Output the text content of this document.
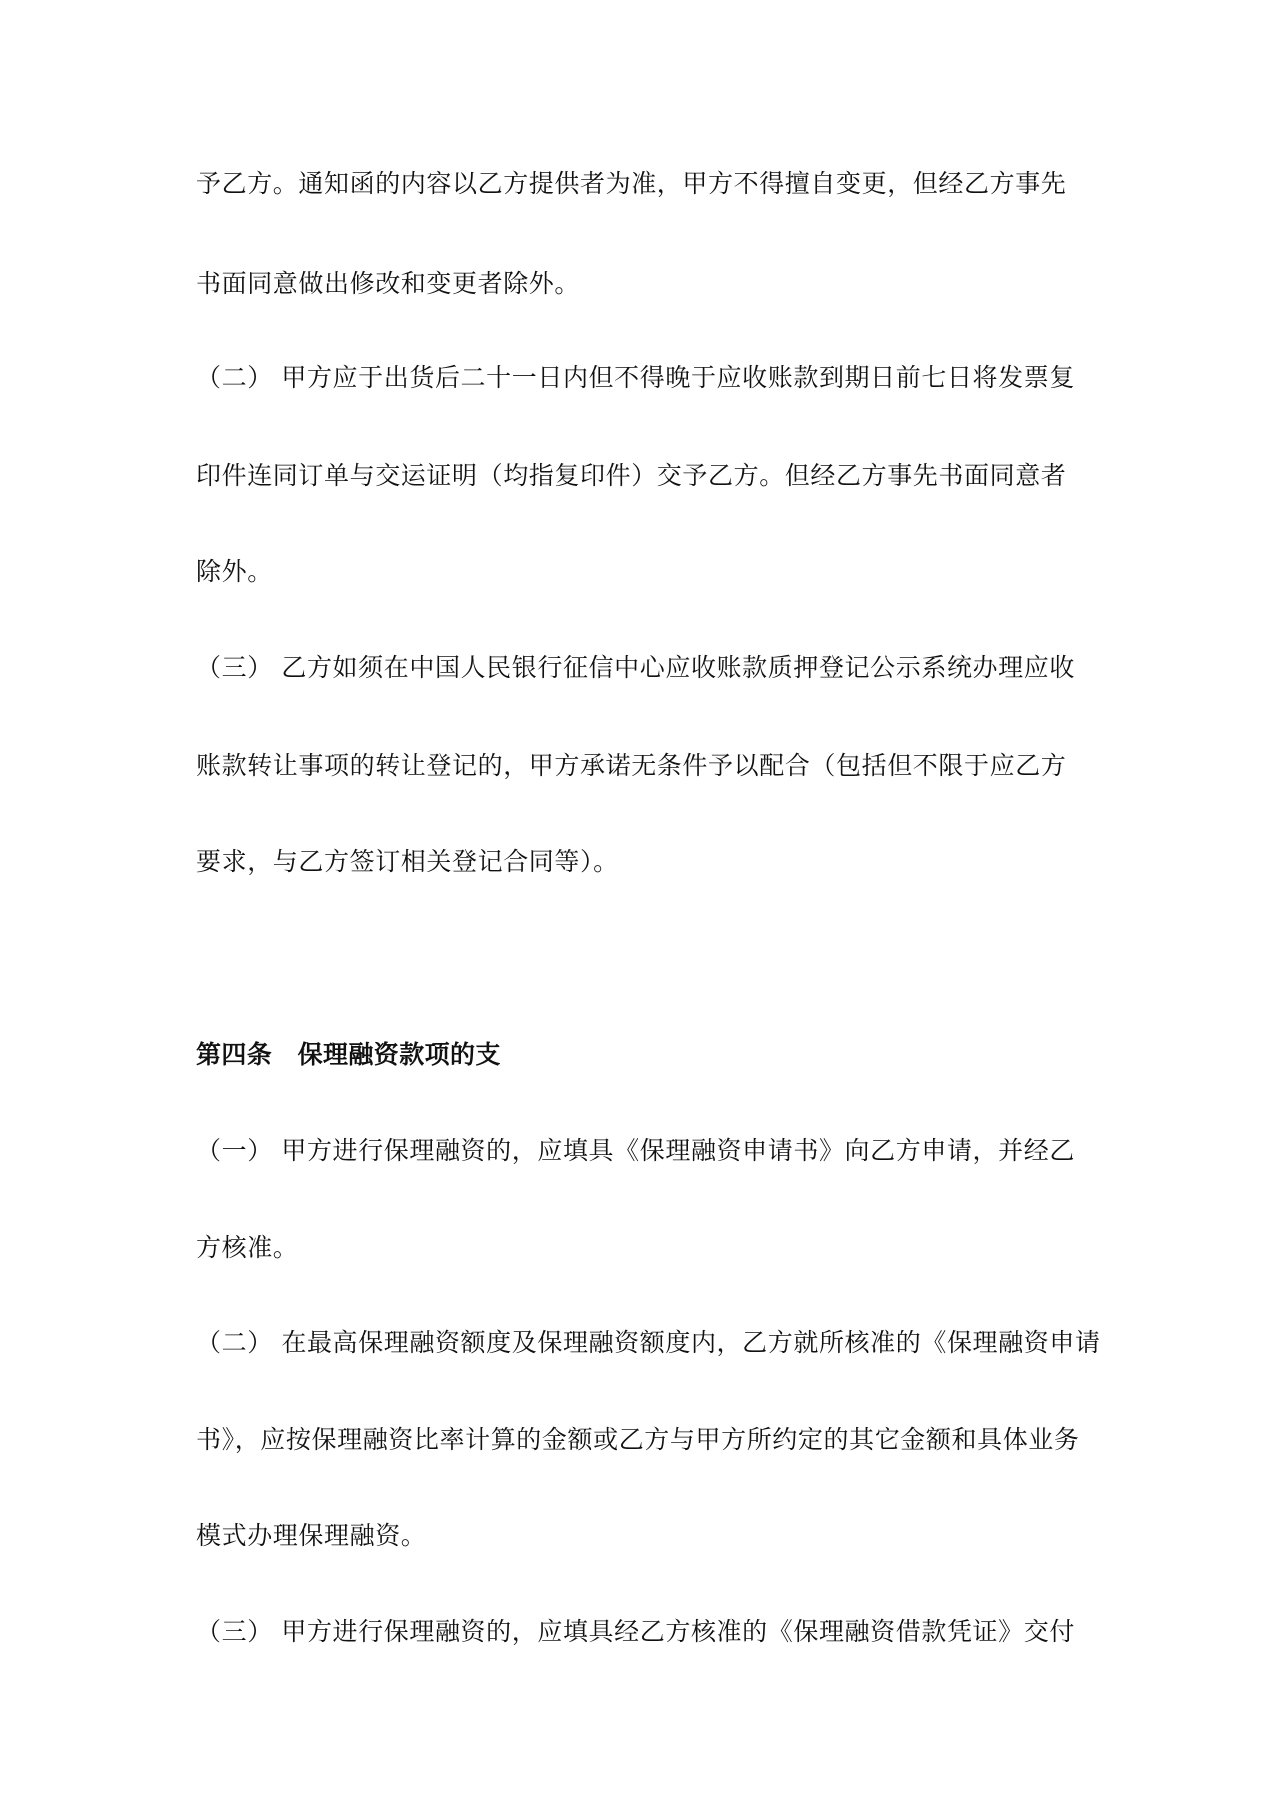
予乙方。通知函的内容以乙方提供者为准，甲方不得擅自变更，但经乙方事先
书面同意做出修改和变更者除外。
（二） 甲方应于出货后二十一日内但不得晚于应收账款到期日前七日将发票复
印件连同订单与交运证明（均指复印件）交予乙方。但经乙方事先书面同意者
除外。
（三） 乙方如须在中国人民银行征信中心应收账款质押登记公示系统办理应收
账款转让事项的转让登记的，甲方承诺无条件予以配合（包括但不限于应乙方
要求，与乙方签订相关登记合同等）。
第四条　保理融资款项的支
（一） 甲方进行保理融资的，应填具《保理融资申请书》向乙方申请，并经乙
方核准。
（二） 在最高保理融资额度及保理融资额度内，乙方就所核准的《保理融资申请
书》，应按保理融资比率计算的金额或乙方与甲方所约定的其它金额和具体业务
模式办理保理融资。
（三） 甲方进行保理融资的，应填具经乙方核准的《保理融资借款凭证》交付
